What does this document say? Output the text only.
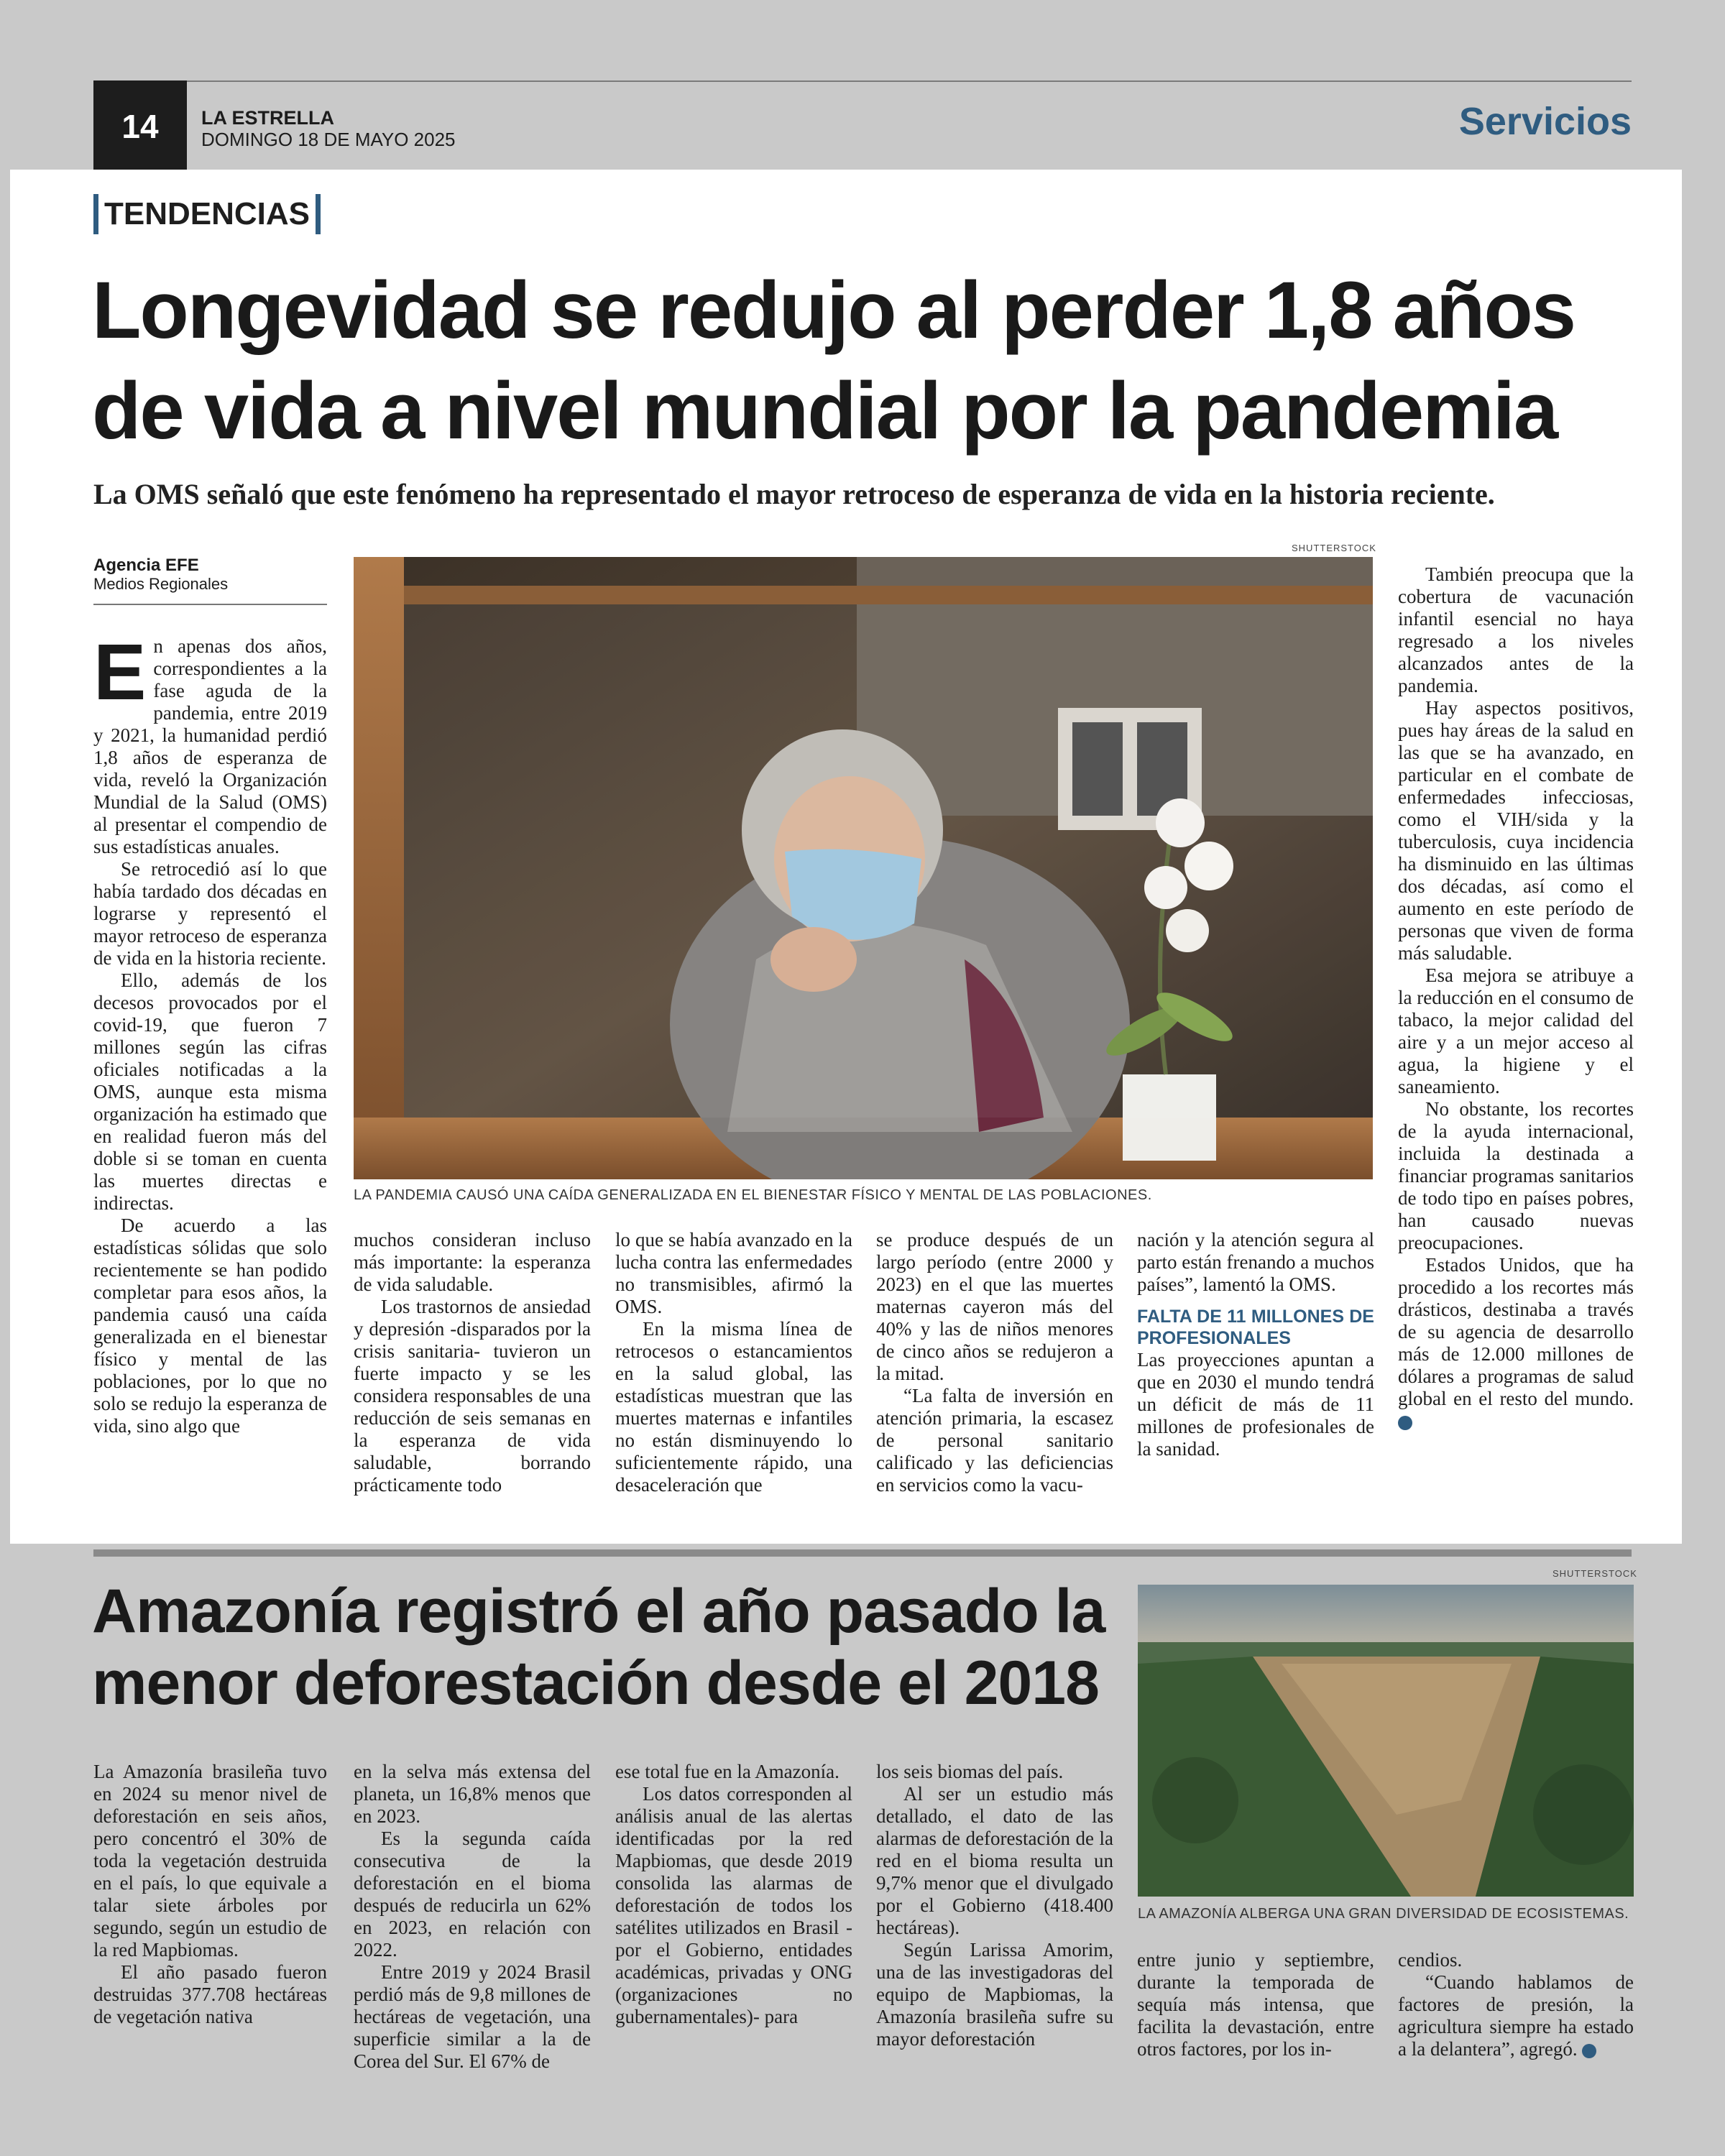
14	LA ESTRELLA
DOMINGO 18 DE MAYO 2025	Servicios
TENDENCIAS
Longevidad se redujo al perder 1,8 años
de vida a nivel mundial por la pandemia
La OMS señaló que este fenómeno ha representado el mayor retroceso de esperanza de vida en la historia reciente.
SHUTTERSTOCK
Agencia EFE
Medios Regionales

En apenas dos años, correspondientes a la fase aguda de la pandemia, entre 2019 y 2021, la humanidad perdió 1,8 años de esperanza de vida, reveló la Organización Mundial de la Salud (OMS) al presentar el compendio de sus estadísticas anuales.

Se retrocedió así lo que había tardado dos décadas en lograrse y representó el mayor retroceso de esperanza de vida en la historia reciente.

Ello, además de los decesos provocados por el covid-19, que fueron 7 millones según las cifras oficiales notificadas a la OMS, aunque esta misma organización ha estimado que en realidad fueron más del doble si se toman en cuenta las muertes directas e indirectas.

De acuerdo a las estadísticas sólidas que solo recientemente se han podido completar para esos años, la pandemia causó una caída generalizada en el bienestar físico y mental de las poblaciones, por lo que no solo se redujo la esperanza de vida, sino algo que

LA PANDEMIA CAUSÓ UNA CAÍDA GENERALIZADA EN EL BIENESTAR FÍSICO Y MENTAL DE LAS POBLACIONES.

muchos consideran incluso más importante: la esperanza de vida saludable.

Los trastornos de ansiedad y depresión -disparados por la crisis sanitaria- tuvieron un fuerte impacto y se les considera responsables de una reducción de seis semanas en la esperanza de vida saludable, borrando prácticamente todo

lo que se había avanzado en la lucha contra las enfermedades no transmisibles, afirmó la OMS.

En la misma línea de retrocesos o estancamientos en la salud global, las estadísticas muestran que las muertes maternas e infantiles no están disminuyendo lo suficientemente rápido, una desaceleración que

se produce después de un largo período (entre 2000 y 2023) en el que las muertes maternas cayeron más del 40% y las de niños menores de cinco años se redujeron a la mitad.

“La falta de inversión en atención primaria, la escasez de personal sanitario calificado y las deficiencias en servicios como la vacu-

nación y la atención segura al parto están frenando a muchos países”, lamentó la OMS.

FALTA DE 11 MILLONES DE PROFESIONALES

Las proyecciones apuntan a que en 2030 el mundo tendrá un déficit de más de 11 millones de profesionales de la sanidad.

También preocupa que la cobertura de vacunación infantil esencial no haya regresado a los niveles alcanzados antes de la pandemia.

Hay aspectos positivos, pues hay áreas de la salud en las que se ha avanzado, en particular en el combate de enfermedades infecciosas, como el VIH/sida y la tuberculosis, cuya incidencia ha disminuido en las últimas dos décadas, así como el aumento en este período de personas que viven de forma más saludable.

Esa mejora se atribuye a la reducción en el consumo de tabaco, la mejor calidad del aire y a un mejor acceso al agua, la higiene y el saneamiento.

No obstante, los recortes de la ayuda internacional, incluida la destinada a financiar programas sanitarios de todo tipo en países pobres, han causado nuevas preocupaciones.

Estados Unidos, que ha procedido a los recortes más drásticos, destinaba a través de su agencia de desarrollo más de 12.000 millones de dólares a programas de salud global en el resto del mundo.

Amazonía registró el año pasado la
menor deforestación desde el 2018
SHUTTERSTOCK
LA AMAZONÍA ALBERGA UNA GRAN DIVERSIDAD DE ECOSISTEMAS.

La Amazonía brasileña tuvo en 2024 su menor nivel de deforestación en seis años, pero concentró el 30% de toda la vegetación destruida en el país, lo que equivale a talar siete árboles por segundo, según un estudio de la red Mapbiomas.

El año pasado fueron destruidas 377.708 hectáreas de vegetación nativa

en la selva más extensa del planeta, un 16,8% menos que en 2023.

Es la segunda caída consecutiva de la deforestación en el bioma después de reducirla un 62% en 2023, en relación con 2022.

Entre 2019 y 2024 Brasil perdió más de 9,8 millones de hectáreas de vegetación, una superficie similar a la de Corea del Sur. El 67% de

ese total fue en la Amazonía.

Los datos corresponden al análisis anual de las alertas identificadas por la red Mapbiomas, que desde 2019 consolida las alarmas de deforestación de todos los satélites utilizados en Brasil -por el Gobierno, entidades académicas, privadas y ONG (organizaciones no gubernamentales)- para

los seis biomas del país.

Al ser un estudio más detallado, el dato de las alarmas de deforestación de la red en el bioma resulta un 9,7% menor que el divulgado por el Gobierno (418.400 hectáreas).

Según Larissa Amorim, una de las investigadoras del equipo de Mapbiomas, la Amazonía brasileña sufre su mayor deforestación

entre junio y septiembre, durante la temporada de sequía más intensa, que facilita la devastación, entre otros factores, por los in-

cendios.

“Cuando hablamos de factores de presión, la agricultura siempre ha estado a la delantera”, agregó.
